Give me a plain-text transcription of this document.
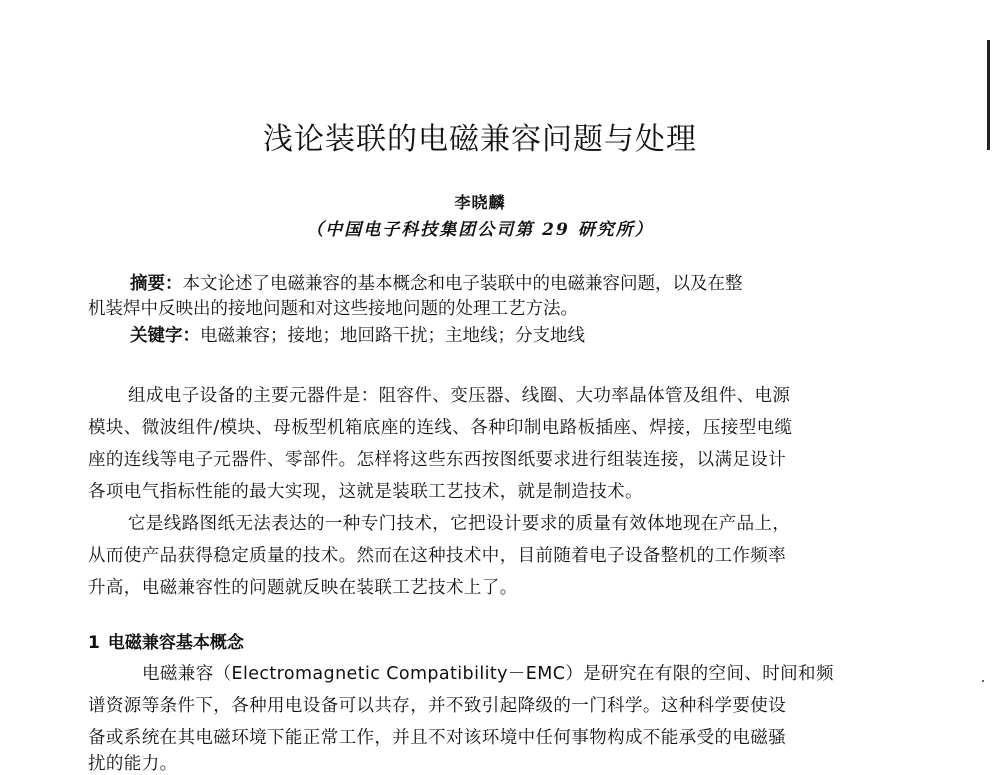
浅论装联的电磁兼容问题与处理
李晓麟
（中国电子科技集团公司第 29 研究所）
摘要：本文论述了电磁兼容的基本概念和电子装联中的电磁兼容问题，以及在整
机装焊中反映出的接地问题和对这些接地问题的处理工艺方法。
关键字：电磁兼容；接地；地回路干扰；主地线；分支地线
组成电子设备的主要元器件是：阻容件、变压器、线圈、大功率晶体管及组件、电源
模块、微波组件/模块、母板型机箱底座的连线、各种印制电路板插座、焊接，压接型电缆
座的连线等电子元器件、零部件。怎样将这些东西按图纸要求进行组装连接，以满足设计
各项电气指标性能的最大实现，这就是装联工艺技术，就是制造技术。
它是线路图纸无法表达的一种专门技术，它把设计要求的质量有效体地现在产品上，
从而使产品获得稳定质量的技术。然而在这种技术中，目前随着电子设备整机的工作频率
升高，电磁兼容性的问题就反映在装联工艺技术上了。
1 电磁兼容基本概念
电磁兼容（Electromagnetic Compatibility－EMC）是研究在有限的空间、时间和频
谱资源等条件下，各种用电设备可以共存，并不致引起降级的一门科学。这种科学要使设
备或系统在其电磁环境下能正常工作，并且不对该环境中任何事物构成不能承受的电磁骚
扰的能力。
